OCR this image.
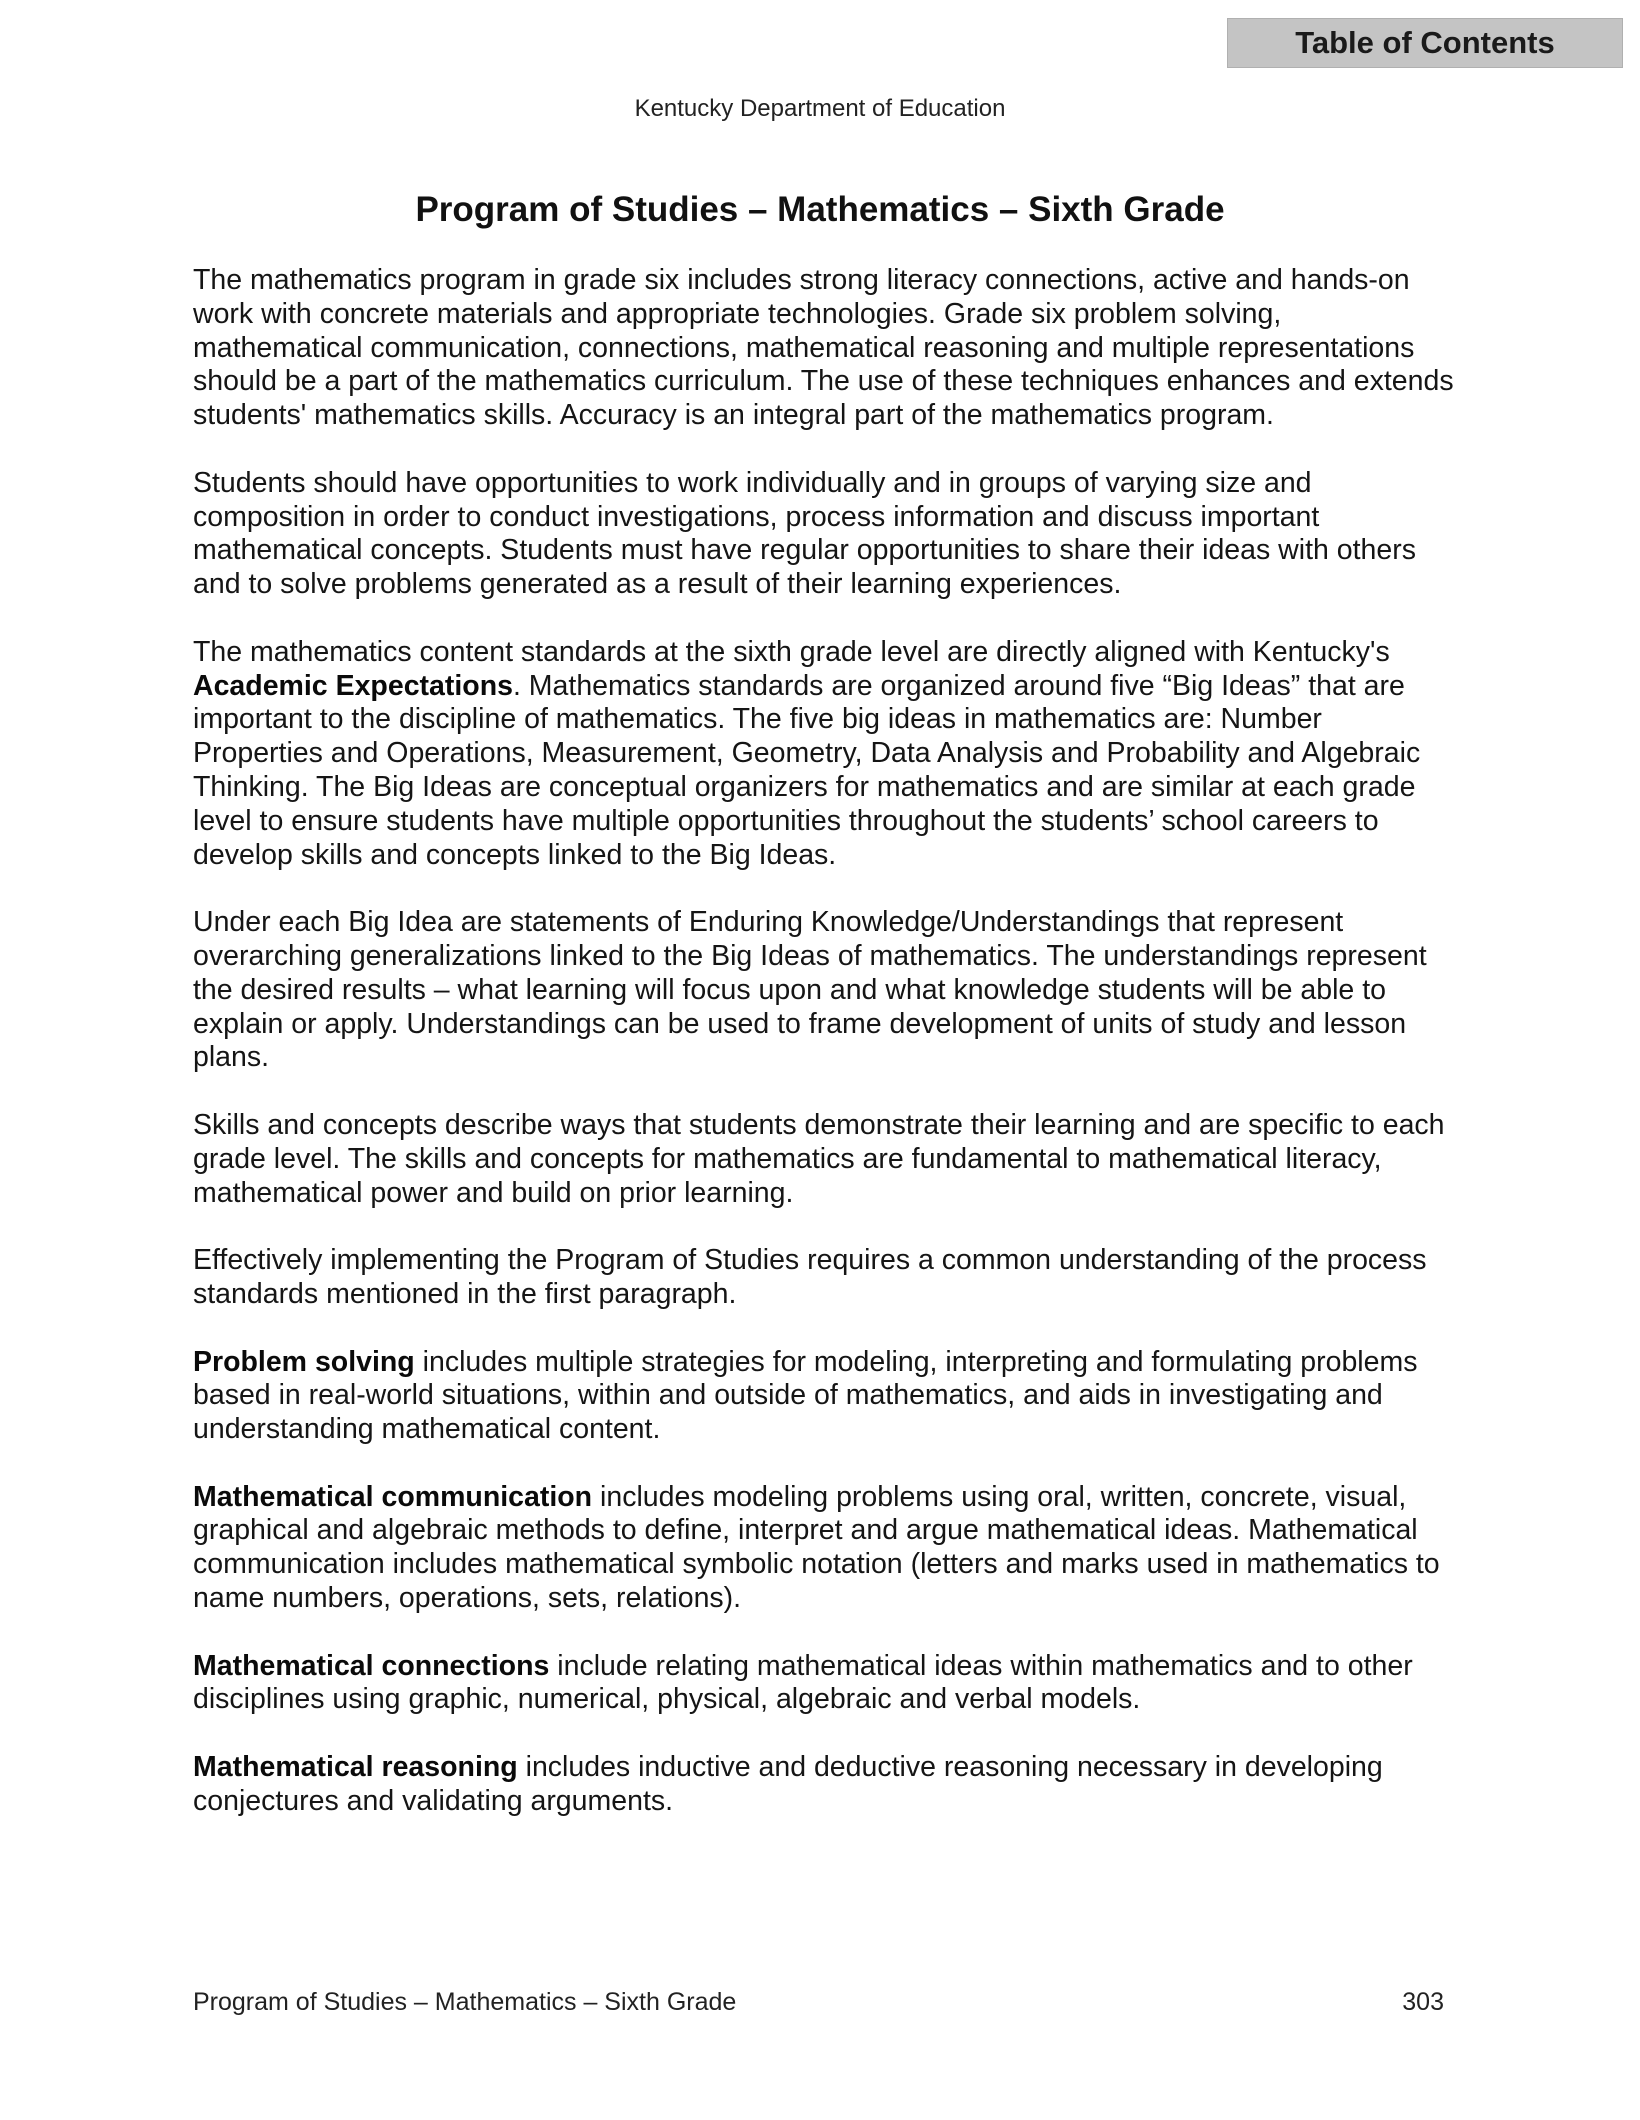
Table of Contents
Kentucky Department of Education
Program of Studies – Mathematics – Sixth Grade

The mathematics program in grade six includes strong literacy connections, active and hands-on work with concrete materials and appropriate technologies. Grade six problem solving, mathematical communication, connections, mathematical reasoning and multiple representations should be a part of the mathematics curriculum. The use of these techniques enhances and extends students' mathematics skills. Accuracy is an integral part of the mathematics program.

Students should have opportunities to work individually and in groups of varying size and composition in order to conduct investigations, process information and discuss important mathematical concepts. Students must have regular opportunities to share their ideas with others and to solve problems generated as a result of their learning experiences.

The mathematics content standards at the sixth grade level are directly aligned with Kentucky's Academic Expectations. Mathematics standards are organized around five “Big Ideas” that are important to the discipline of mathematics. The five big ideas in mathematics are: Number Properties and Operations, Measurement, Geometry, Data Analysis and Probability and Algebraic Thinking. The Big Ideas are conceptual organizers for mathematics and are similar at each grade level to ensure students have multiple opportunities throughout the students’ school careers to develop skills and concepts linked to the Big Ideas.

Under each Big Idea are statements of Enduring Knowledge/Understandings that represent overarching generalizations linked to the Big Ideas of mathematics. The understandings represent the desired results – what learning will focus upon and what knowledge students will be able to explain or apply. Understandings can be used to frame development of units of study and lesson plans.

Skills and concepts describe ways that students demonstrate their learning and are specific to each grade level. The skills and concepts for mathematics are fundamental to mathematical literacy, mathematical power and build on prior learning.

Effectively implementing the Program of Studies requires a common understanding of the process standards mentioned in the first paragraph.

Problem solving includes multiple strategies for modeling, interpreting and formulating problems based in real-world situations, within and outside of mathematics, and aids in investigating and understanding mathematical content.

Mathematical communication includes modeling problems using oral, written, concrete, visual, graphical and algebraic methods to define, interpret and argue mathematical ideas. Mathematical communication includes mathematical symbolic notation (letters and marks used in mathematics to name numbers, operations, sets, relations).

Mathematical connections include relating mathematical ideas within mathematics and to other disciplines using graphic, numerical, physical, algebraic and verbal models.

Mathematical reasoning includes inductive and deductive reasoning necessary in developing conjectures and validating arguments.

Program of Studies – Mathematics – Sixth Grade	303
